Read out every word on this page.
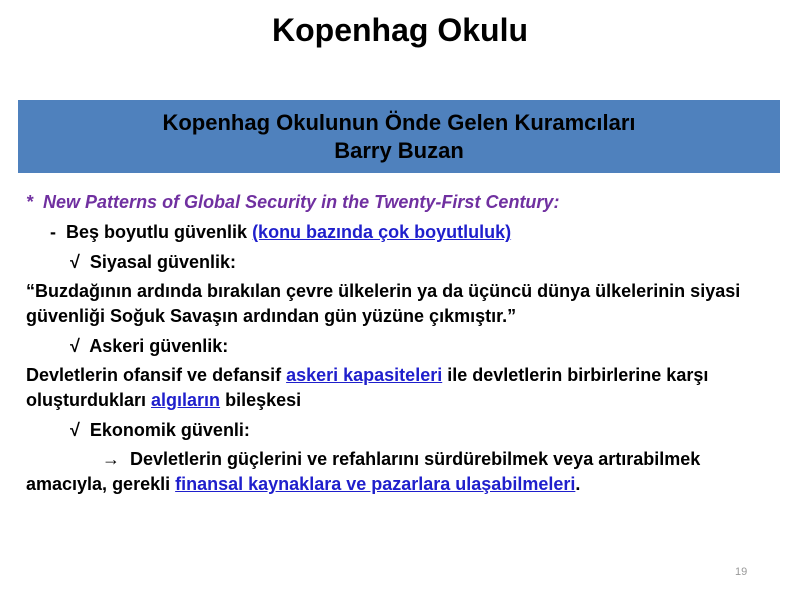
Kopenhag Okulu
Kopenhag Okulunun Önde Gelen Kuramcıları
Barry Buzan
* New Patterns of Global Security in the Twenty-First Century:
- Beş boyutlu güvenlik (konu bazında çok boyutluluk)
√ Siyasal güvenlik:
“Buzdağının ardında bırakılan çevre ülkelerin ya da üçüncü dünya ülkelerinin siyasi güvenliği Soğuk Savaşın ardından gün yüzüne çıkmıştır.”
√ Askeri güvenlik:
Devletlerin ofansif ve defansif askeri kapasiteleri ile devletlerin birbirlerine karşı oluşturdukları algıların bileşkesi
√ Ekonomik güvenli:
→ Devletlerin güçlerini ve refahlarını sürdürebilmek veya artırabilmek amacıyla, gerekli finansal kaynaklara ve pazarlara ulaşabilmeleri.
19
